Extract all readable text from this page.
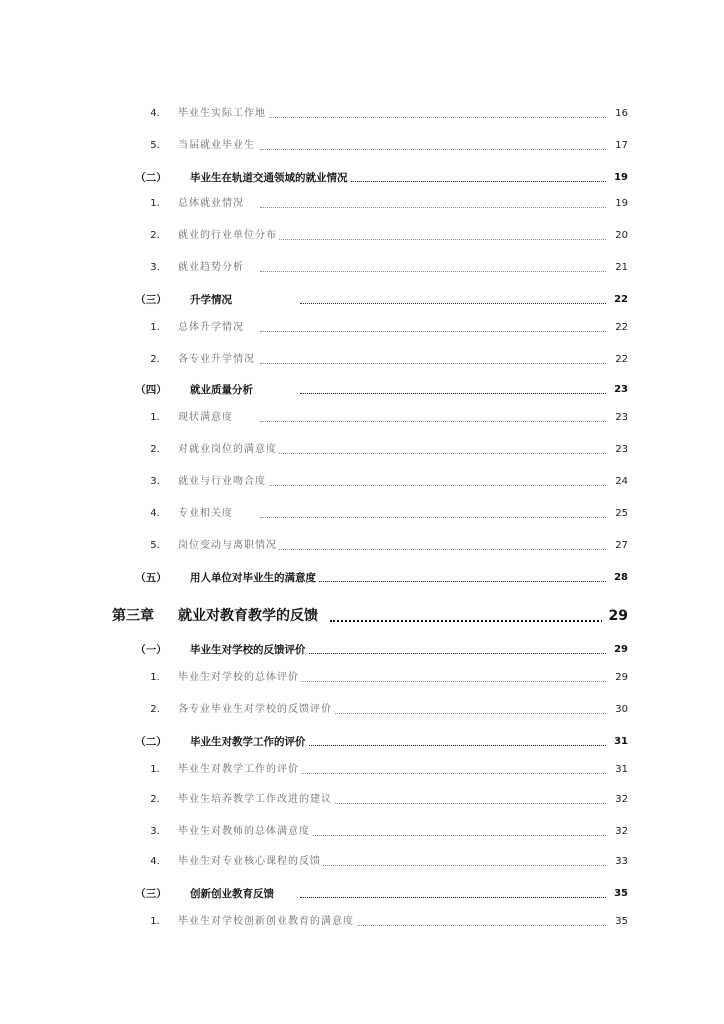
4.	毕业生实际工作地	16
5.	当届就业毕业生	17
（二）	毕业生在轨道交通领域的就业情况	19
1.	总体就业情况	19
2.	就业的行业单位分布	20
3.	就业趋势分析	21
（三）	升学情况	22
1.	总体升学情况	22
2.	各专业升学情况	22
（四）	就业质量分析	23
1.	现状满意度	23
2.	对就业岗位的满意度	23
3.	就业与行业吻合度	24
4.	专业相关度	25
5.	岗位变动与离职情况	27
（五）	用人单位对毕业生的满意度	28
第三章	就业对教育教学的反馈	29
（一）	毕业生对学校的反馈评价	29
1.	毕业生对学校的总体评价	29
2.	各专业毕业生对学校的反馈评价	30
（二）	毕业生对教学工作的评价	31
1.	毕业生对教学工作的评价	31
2.	毕业生培养教学工作改进的建议	32
3.	毕业生对教师的总体满意度	32
4.	毕业生对专业核心课程的反馈	33
（三）	创新创业教育反馈	35
1.	毕业生对学校创新创业教育的满意度	35
